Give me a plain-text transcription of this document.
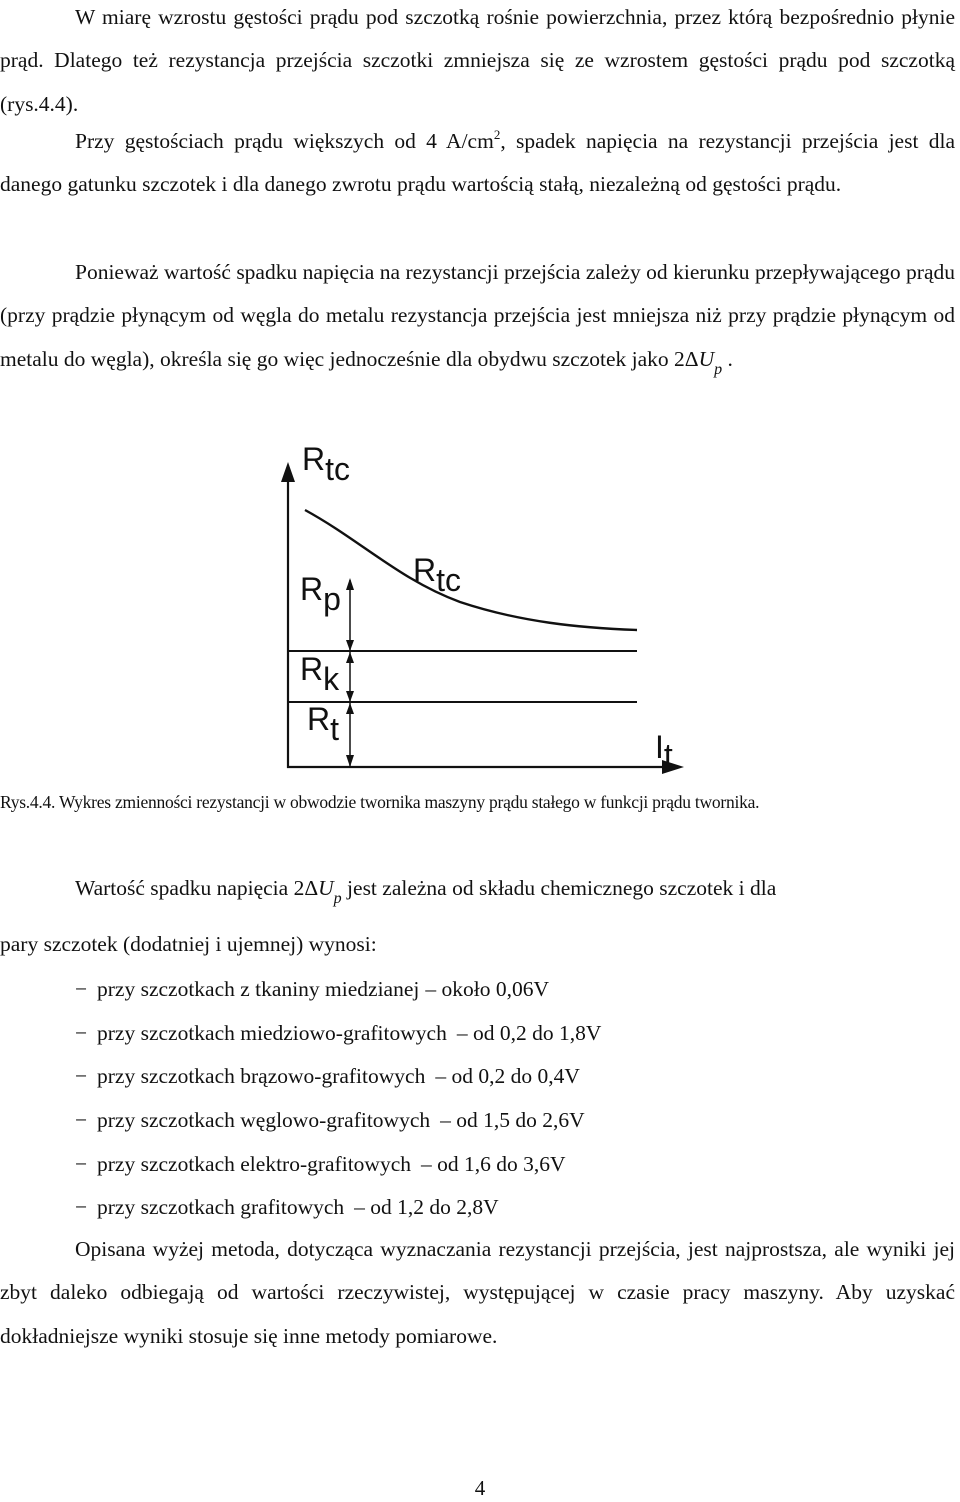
W miarę wzrostu gęstości prądu pod szczotką rośnie powierzchnia, przez którą bezpośrednio płynie prąd. Dlatego też rezystancja przejścia szczotki zmniejsza się ze wzrostem gęstości prądu pod szczotką (rys.4.4).

Przy gęstościach prądu większych od 4 $A/cm^2$, spadek napięcia na rezystancji przejścia jest dla danego gatunku szczotek i dla danego zwrotu prądu wartością stałą, niezależną od gęstości prądu.

Ponieważ wartość spadku napięcia na rezystancji przejścia zależy od kierunku przepływającego prądu (przy prądzie płynącym od węgla do metalu rezystancja przejścia jest mniejsza niż przy prądzie płynącym od metalu do węgla), określa się go więc jednocześnie dla obydwu szczotek jako $2\Delta U_p$ .

Rtc
Rtc
Rp
Rk
Rt	It
Rys.4.4. Wykres zmienności rezystancji w obwodzie twornika maszyny prądu stałego w funkcji prądu twornika.
Wartość spadku napięcia $2\Delta U_p$ jest zależna od składu chemicznego szczotek i dla
pary szczotek (dodatniej i ujemnej) wynosi:
− przy szczotkach z tkaniny miedzianej – około 0,06V
− przy szczotkach miedziowo-grafitowych – od 0,2 do 1,8V
− przy szczotkach brązowo-grafitowych – od 0,2 do 0,4V
− przy szczotkach węglowo-grafitowych – od 1,5 do 2,6V
− przy szczotkach elektro-grafitowych – od 1,6 do 3,6V
− przy szczotkach grafitowych – od 1,2 do 2,8V

Opisana wyżej metoda, dotycząca wyznaczania rezystancji przejścia, jest najprostsza, ale wyniki jej zbyt daleko odbiegają od wartości rzeczywistej, występującej w czasie pracy maszyny. Aby uzyskać dokładniejsze wyniki stosuje się inne metody pomiarowe.

4
